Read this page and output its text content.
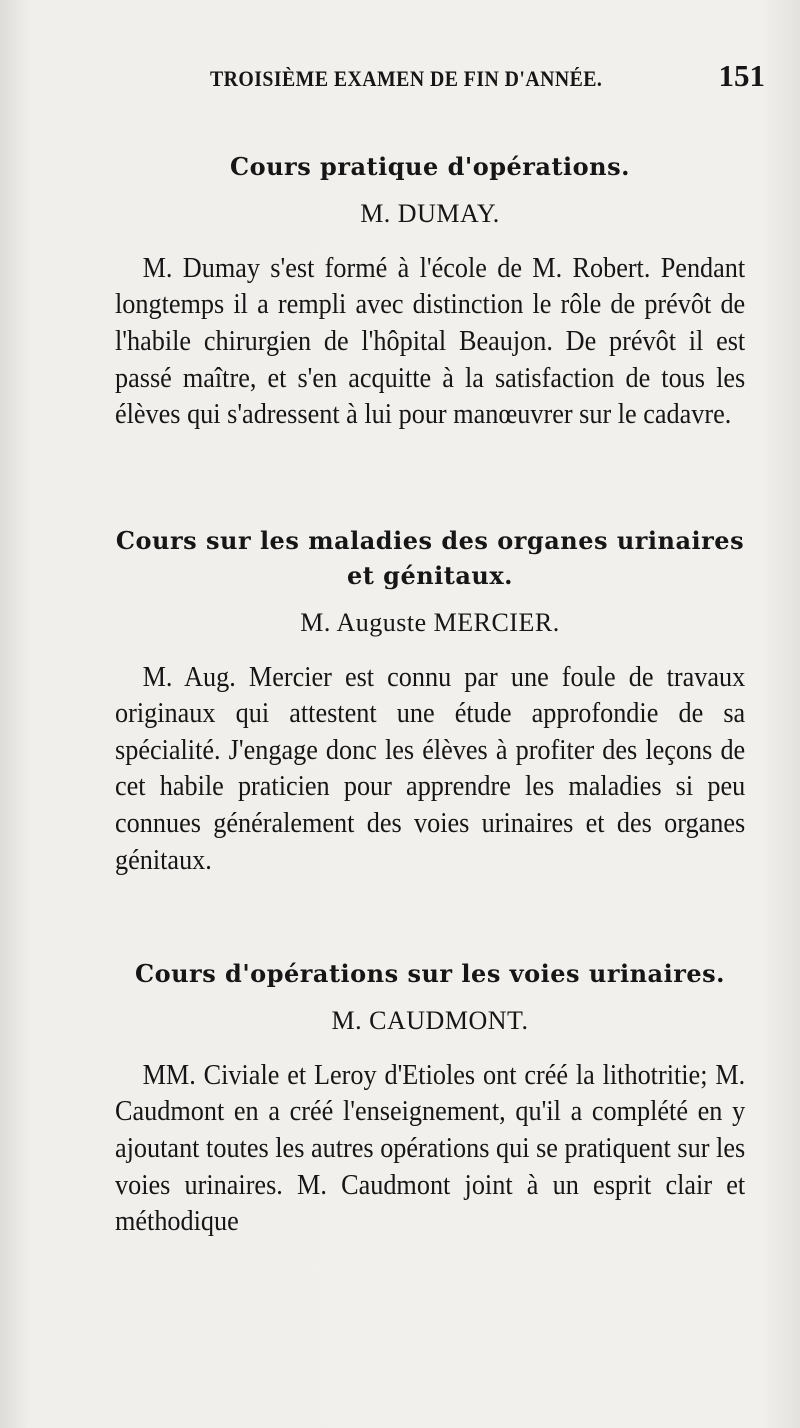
TROISIÈME EXAMEN DE FIN D'ANNÉE.	151
Cours pratique d'opérations.
M. DUMAY.
M. Dumay s'est formé à l'école de M. Robert. Pendant longtemps il a rempli avec distinction le rôle de prévôt de l'habile chirurgien de l'hôpital Beaujon. De prévôt il est passé maître, et s'en acquitte à la satisfaction de tous les élèves qui s'adressent à lui pour manœuvrer sur le cadavre.
Cours sur les maladies des organes urinaires et génitaux.
M. Auguste MERCIER.
M. Aug. Mercier est connu par une foule de travaux originaux qui attestent une étude approfondie de sa spécialité. J'engage donc les élèves à profiter des leçons de cet habile praticien pour apprendre les maladies si peu connues généralement des voies urinaires et des organes génitaux.
Cours d'opérations sur les voies urinaires.
M. CAUDMONT.
MM. Civiale et Leroy d'Etioles ont créé la lithotritie; M. Caudmont en a créé l'enseignement, qu'il a complété en y ajoutant toutes les autres opérations qui se pratiquent sur les voies urinaires. M. Caudmont joint à un esprit clair et méthodique
